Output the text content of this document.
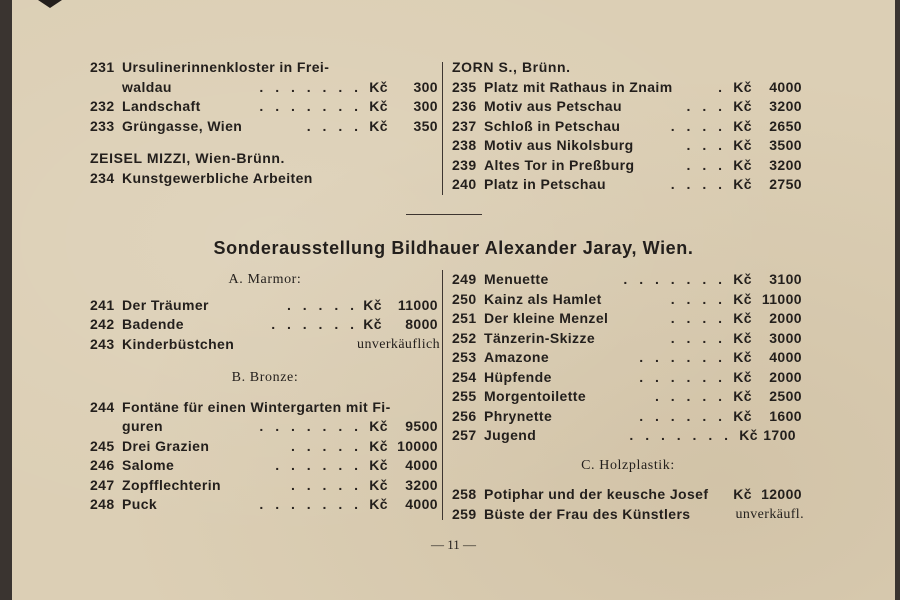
231 Ursulinerinnenkloster in Frei-
waldau	. . . . . . . Kč 300
232 Landschaft	. . . . . . . Kč 300
233 Grüngasse, Wien	. . . . Kč 350
ZEISEL MIZZI, Wien-Brünn.
234 Kunstgewerbliche Arbeiten
ZORN S., Brünn.
235 Platz mit Rathaus in Znaim	. Kč 4000
236 Motiv aus Petschau	. . . Kč 3200
237 Schloß in Petschau	. . . . Kč 2650
238 Motiv aus Nikolsburg	. . . Kč 3500
239 Altes Tor in Preßburg	. . . Kč 3200
240 Platz in Petschau	. . . . Kč 2750
Sonderausstellung Bildhauer Alexander Jaray, Wien.
A. Marmor:
241 Der Träumer	. . . . . Kč 11000
242 Badende	. . . . . . Kč 8000
243 Kinderbüstchen	unverkäuflich
B. Bronze:
244 Fontäne für einen Wintergarten mit Fi-
guren	. . . . . . . Kč 9500
245 Drei Grazien	. . . . . Kč 10000
246 Salome	. . . . . . Kč 4000
247 Zopfflechterin	. . . . . Kč 3200
248 Puck	. . . . . . . Kč 4000
249 Menuette	. . . . . . . Kč 3100
250 Kainz als Hamlet	. . . . Kč 11000
251 Der kleine Menzel	. . . . Kč 2000
252 Tänzerin-Skizze	. . . . Kč 3000
253 Amazone	. . . . . . Kč 4000
254 Hüpfende	. . . . . . Kč 2000
255 Morgentoilette	. . . . . Kč 2500
256 Phrynette	. . . . . . Kč 1600
257 Jugend	. . . . . . . Kč 1700
C. Holzplastik:
258 Potiphar und der keusche Josef Kč 12000
259 Büste der Frau des Künstlers	unverkäufl.
— 11 —
